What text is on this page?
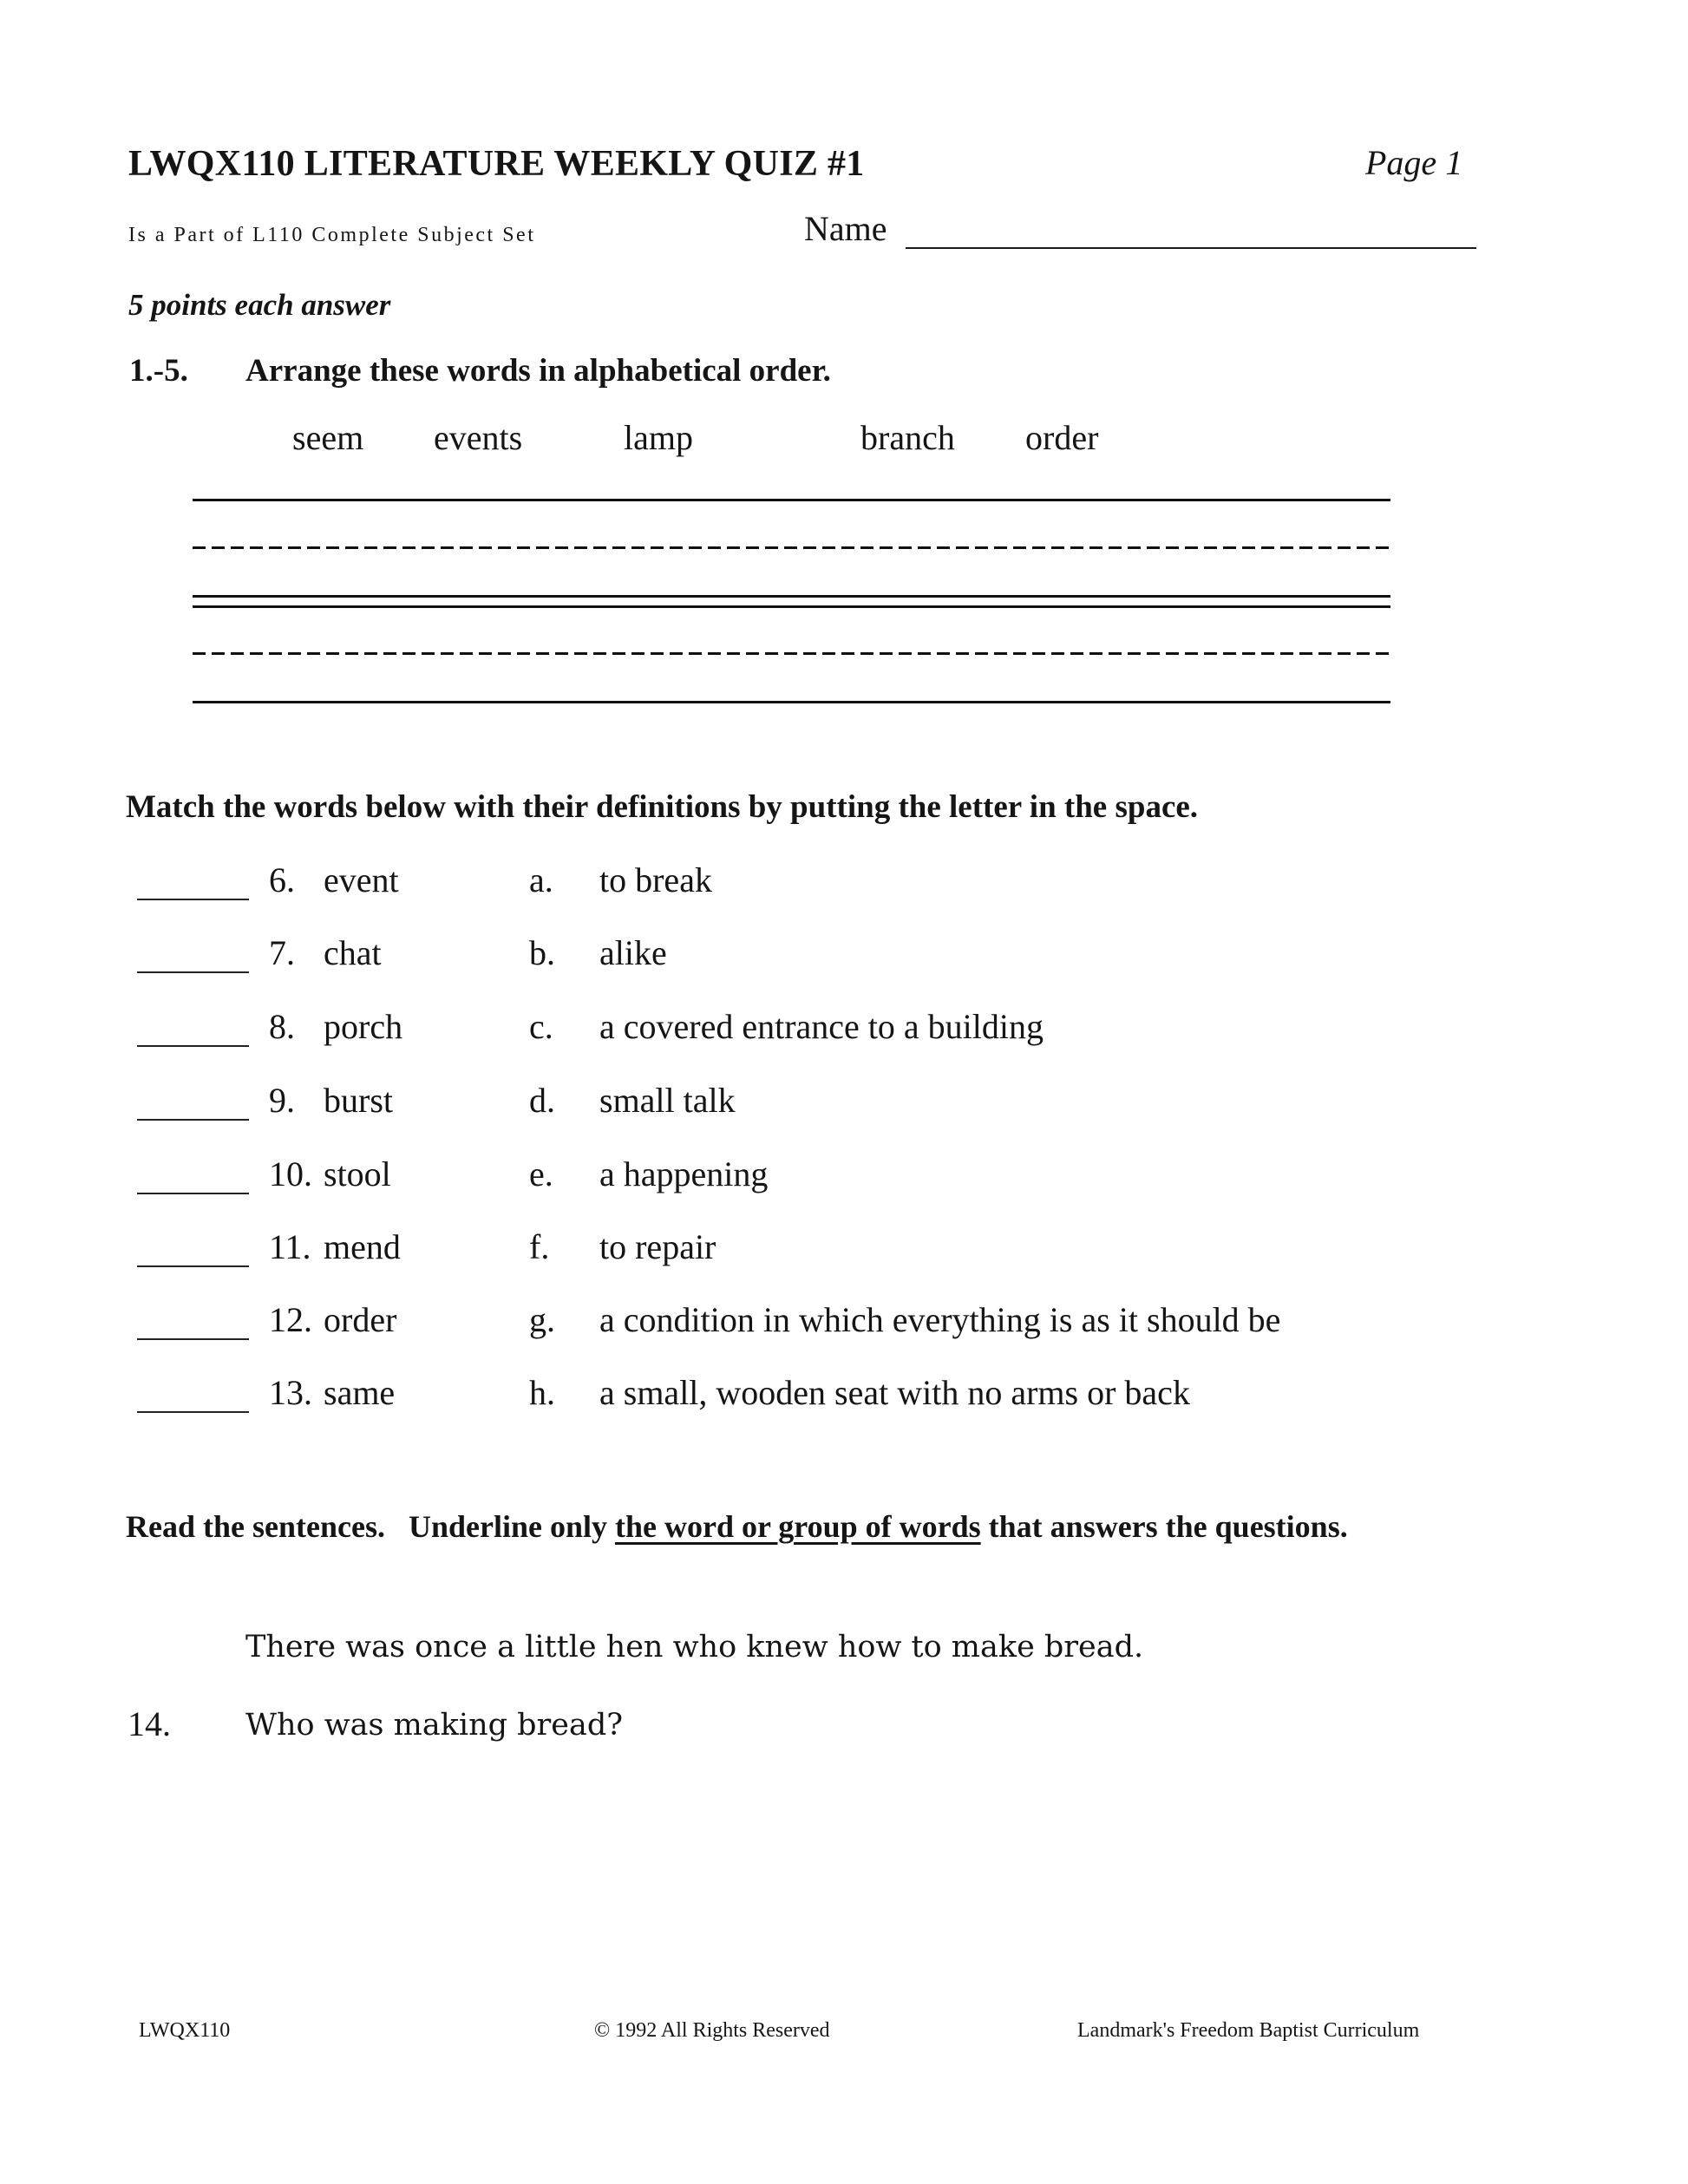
LWQX110 LITERATURE WEEKLY QUIZ #1	Page 1
Is a Part of L110 Complete Subject Set	Name
5 points each answer
1.-5. Arrange these words in alphabetical order.
seem events	lamp	branch order
Match the words below with their definitions by putting the letter in the space.
6. event	a. to break
7. chat	b. alike
8. porch	c. a covered entrance to a building
9. burst	d. small talk
10. stool	e. a happening
11. mend	f. to repair
12. order	g. a condition in which everything is as it should be
13. same	h. a small, wooden seat with no arms or back
Read the sentences.   Underline only the word or group of words that answers the questions.
There was once a little hen who knew how to make bread.
14. Who was making bread?
LWQX110	© 1992 All Rights Reserved	Landmark's Freedom Baptist Curriculum
